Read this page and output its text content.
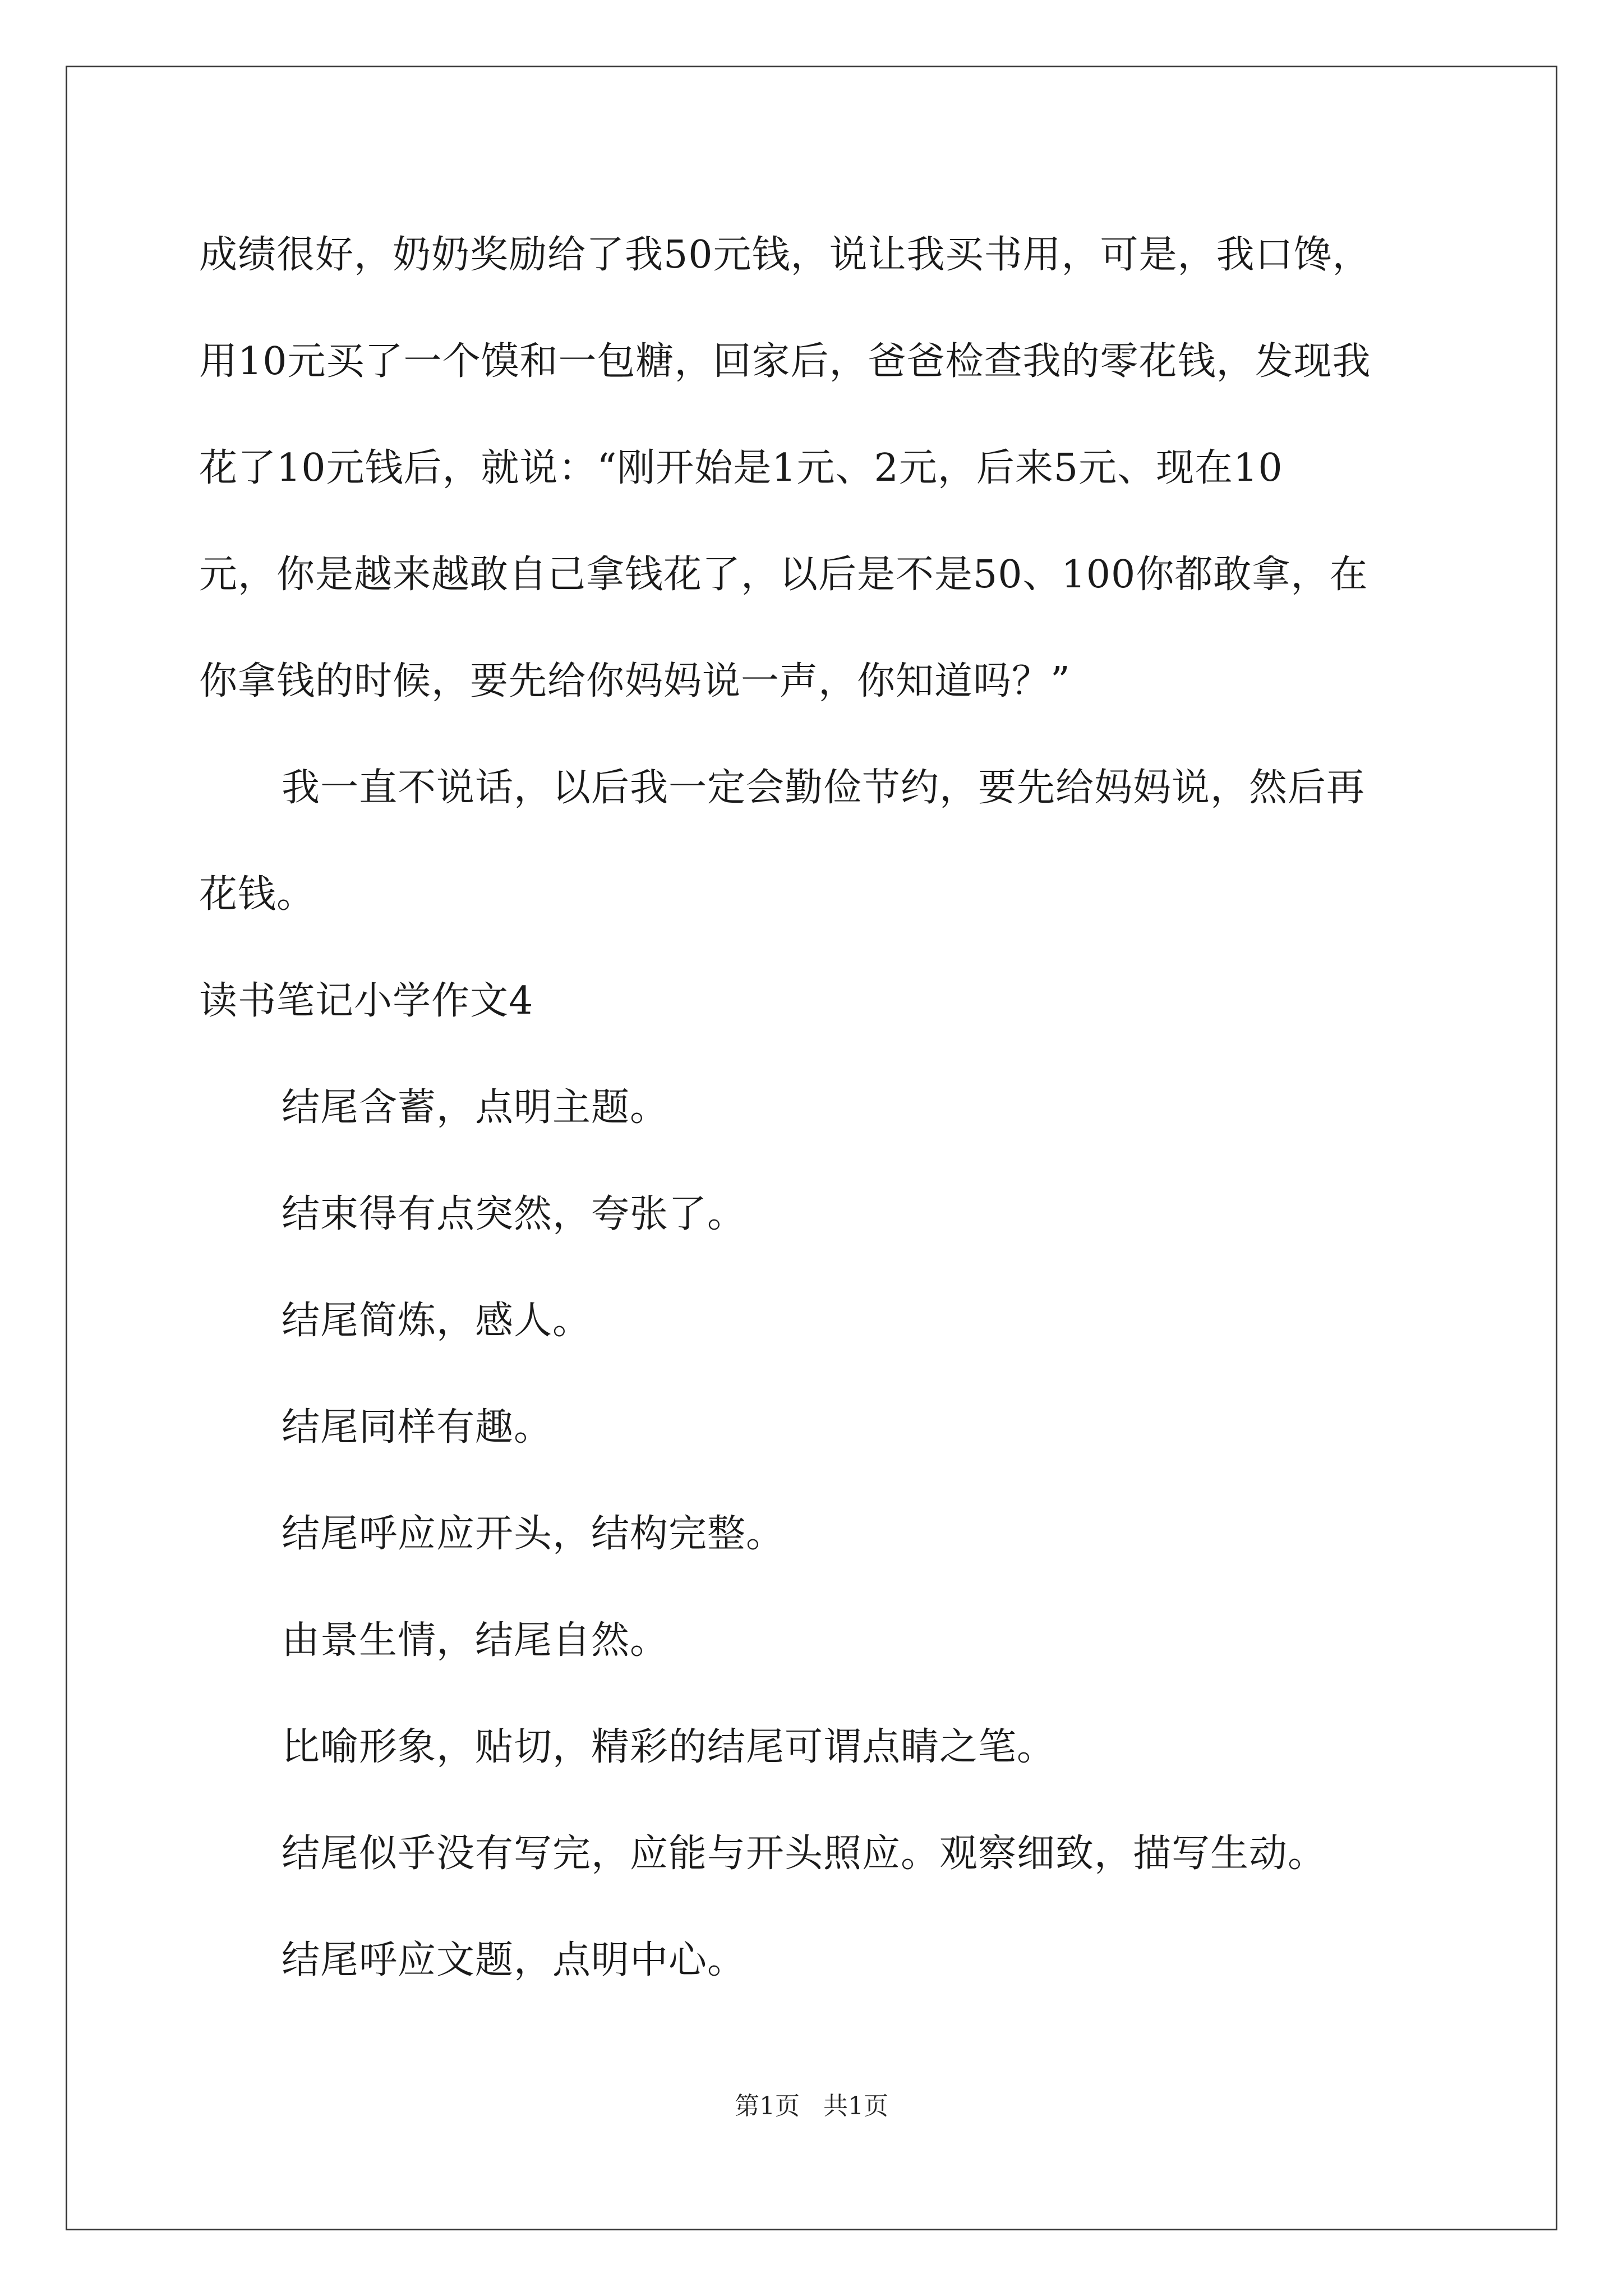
成绩很好，奶奶奖励给了我50元钱，说让我买书用，可是，我口馋，
用10元买了一个馍和一包糖，回家后，爸爸检查我的零花钱，发现我
花了10元钱后，就说：“刚开始是1元、2元，后来5元、现在10
元，你是越来越敢自己拿钱花了，以后是不是50、100你都敢拿，在
你拿钱的时候，要先给你妈妈说一声，你知道吗？”
我一直不说话，以后我一定会勤俭节约，要先给妈妈说，然后再
花钱。
读书笔记小学作文4
结尾含蓄，点明主题。
结束得有点突然，夸张了。
结尾简炼，感人。
结尾同样有趣。
结尾呼应应开头，结构完整。
由景生情，结尾自然。
比喻形象，贴切，精彩的结尾可谓点睛之笔。
结尾似乎没有写完，应能与开头照应。观察细致，描写生动。
结尾呼应文题，点明中心。
第1页   共1页
